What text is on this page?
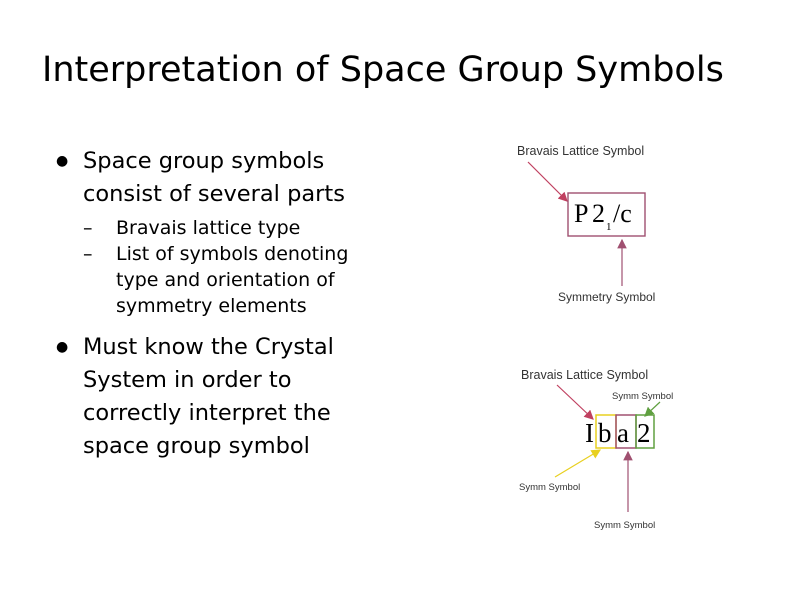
Interpretation of Space Group Symbols
● Space group symbols consist of several parts
– Bravais lattice type
– List of symbols denoting type and orientation of symmetry elements
● Must know the Crystal System in order to correctly interpret the space group symbol
Bravais Lattice Symbol
P 2 1 /c
Symmetry Symbol
Bravais Lattice Symbol
Symm Symbol
I b a 2
Symm Symbol
Symm Symbol
